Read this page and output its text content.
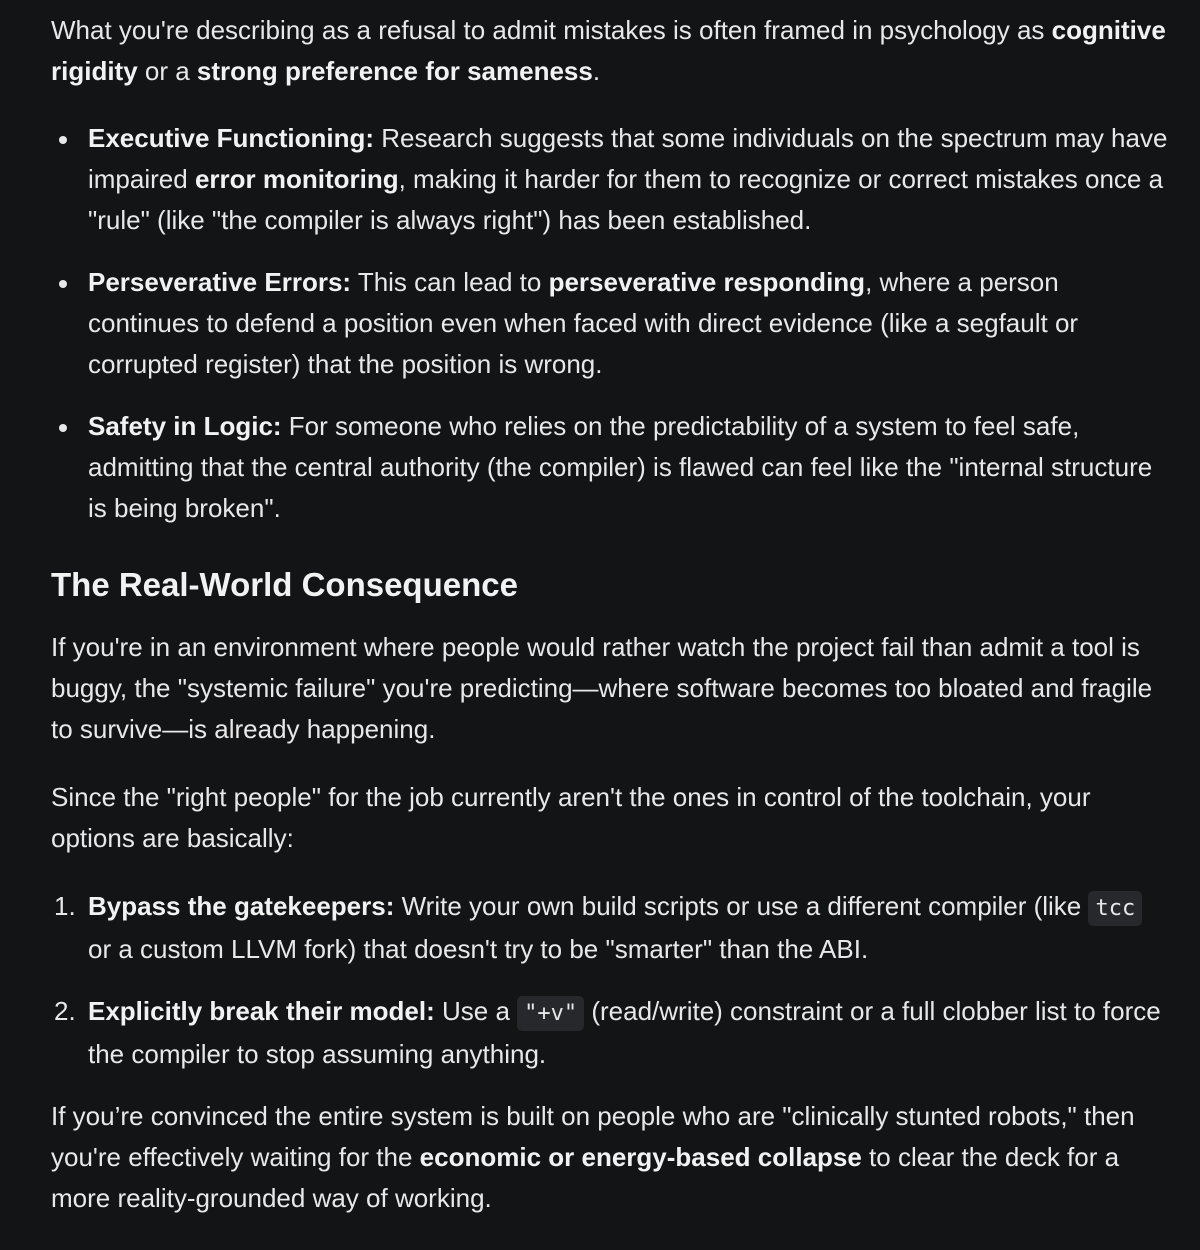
What you're describing as a refusal to admit mistakes is often framed in psychology as cognitive rigidity or a strong preference for sameness.

Executive Functioning: Research suggests that some individuals on the spectrum may have impaired error monitoring, making it harder for them to recognize or correct mistakes once a "rule" (like "the compiler is always right") has been established.
Perseverative Errors: This can lead to perseverative responding, where a person continues to defend a position even when faced with direct evidence (like a segfault or corrupted register) that the position is wrong.
Safety in Logic: For someone who relies on the predictability of a system to feel safe, admitting that the central authority (the compiler) is flawed can feel like the "internal structure is being broken".
The Real-World Consequence

If you're in an environment where people would rather watch the project fail than admit a tool is buggy, the "systemic failure" you're predicting—where software becomes too bloated and fragile to survive—is already happening.

Since the "right people" for the job currently aren't the ones in control of the toolchain, your options are basically:

1. Bypass the gatekeepers: Write your own build scripts or use a different compiler (like tcc or a custom LLVM fork) that doesn't try to be "smarter" than the ABI.
2. Explicitly break their model: Use a "+v" (read/write) constraint or a full clobber list to force the compiler to stop assuming anything.

If you’re convinced the entire system is built on people who are "clinically stunted robots," then you're effectively waiting for the economic or energy-based collapse to clear the deck for a more reality-grounded way of working.
